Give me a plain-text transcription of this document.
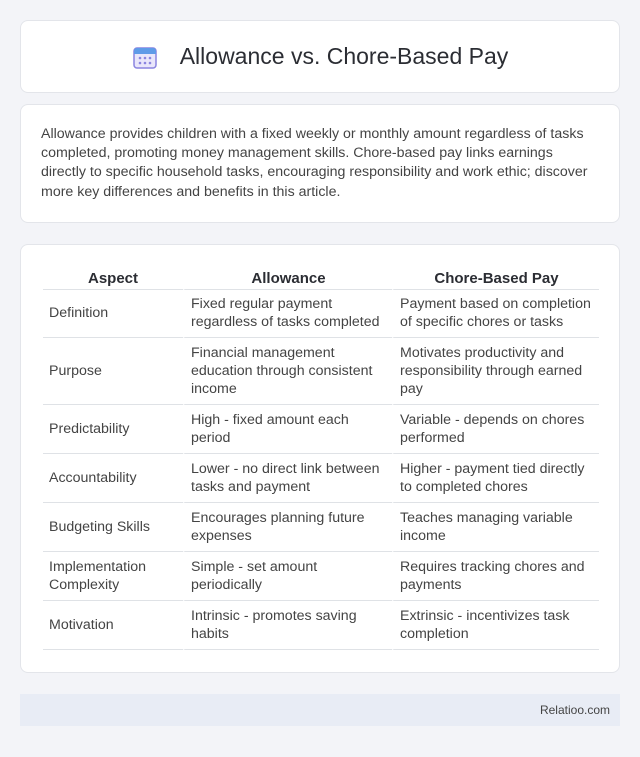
Allowance vs. Chore-Based Pay

Allowance provides children with a fixed weekly or monthly amount regardless of tasks completed, promoting money management skills. Chore-based pay links earnings directly to specific household tasks, encouraging responsibility and work ethic; discover more key differences and benefits in this article.

Aspect	Allowance	Chore-Based Pay
Definition	Fixed regular payment regardless of tasks completed	Payment based on completion of specific chores or tasks
Purpose	Financial management education through consistent income	Motivates productivity and responsibility through earned pay
Predictability	High - fixed amount each period	Variable - depends on chores performed
Accountability	Lower - no direct link between tasks and payment	Higher - payment tied directly to completed chores
Budgeting Skills	Encourages planning future expenses	Teaches managing variable income
Implementation Complexity	Simple - set amount periodically	Requires tracking chores and payments
Motivation	Intrinsic - promotes saving habits	Extrinsic - incentivizes task completion
Relatioo.com
